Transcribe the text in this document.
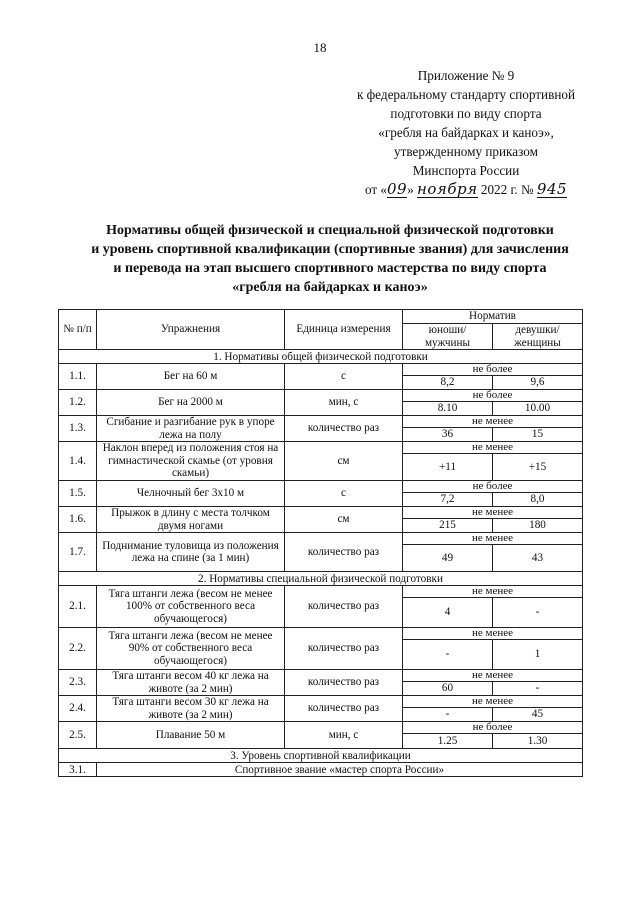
18
Приложение № 9
к федеральному стандарту спортивной
подготовки по виду спорта
«гребля на байдарках и каноэ»,
утвержденному приказом
Минспорта России
от «09» ноября 2022 г. № 945
Нормативы общей физической и специальной физической подготовки
и уровень спортивной квалификации (спортивные звания) для зачисления
и перевода на этап высшего спортивного мастерства по виду спорта
«гребля на байдарках и каноэ»
№ п/п	Упражнения	Единица измерения	Норматив	
			юноши/ мужчины	девушки/ женщины
1. Нормативы общей физической подготовки				
1.1.	Бег на 60 м	с	не более	
			8,2	9,6
1.2.	Бег на 2000 м	мин, с	не более	
			8.10	10.00
1.3.	Сгибание и разгибание рук в упоре лежа на полу	количество раз	не менее	
			36	15
1.4.	Наклон вперед из положения стоя на гимнастической скамье (от уровня скамьи)	см	не менее	
			+11	+15
1.5.	Челночный бег 3x10 м	с	не более	
			7,2	8,0
1.6.	Прыжок в длину с места толчком двумя ногами	см	не менее	
			215	180
1.7.	Поднимание туловища из положения лежа на спине (за 1 мин)	количество раз	не менее	
			49	43
2. Нормативы специальной физической подготовки				
2.1.	Тяга штанги лежа (весом не менее 100% от собственного веса обучающегося)	количество раз	не менее	
			4	-
2.2.	Тяга штанги лежа (весом не менее 90% от собственного веса обучающегося)	количество раз	не менее	
			-	1
2.3.	Тяга штанги весом 40 кг лежа на животе (за 2 мин)	количество раз	не менее	
			60	-
2.4.	Тяга штанги весом 30 кг лежа на животе (за 2 мин)	количество раз	не менее	
			-	45
2.5.	Плавание 50 м	мин, с	не более	
			1.25	1.30
3. Уровень спортивной квалификации				
3.1.	Спортивное звание «мастер спорта России»			
